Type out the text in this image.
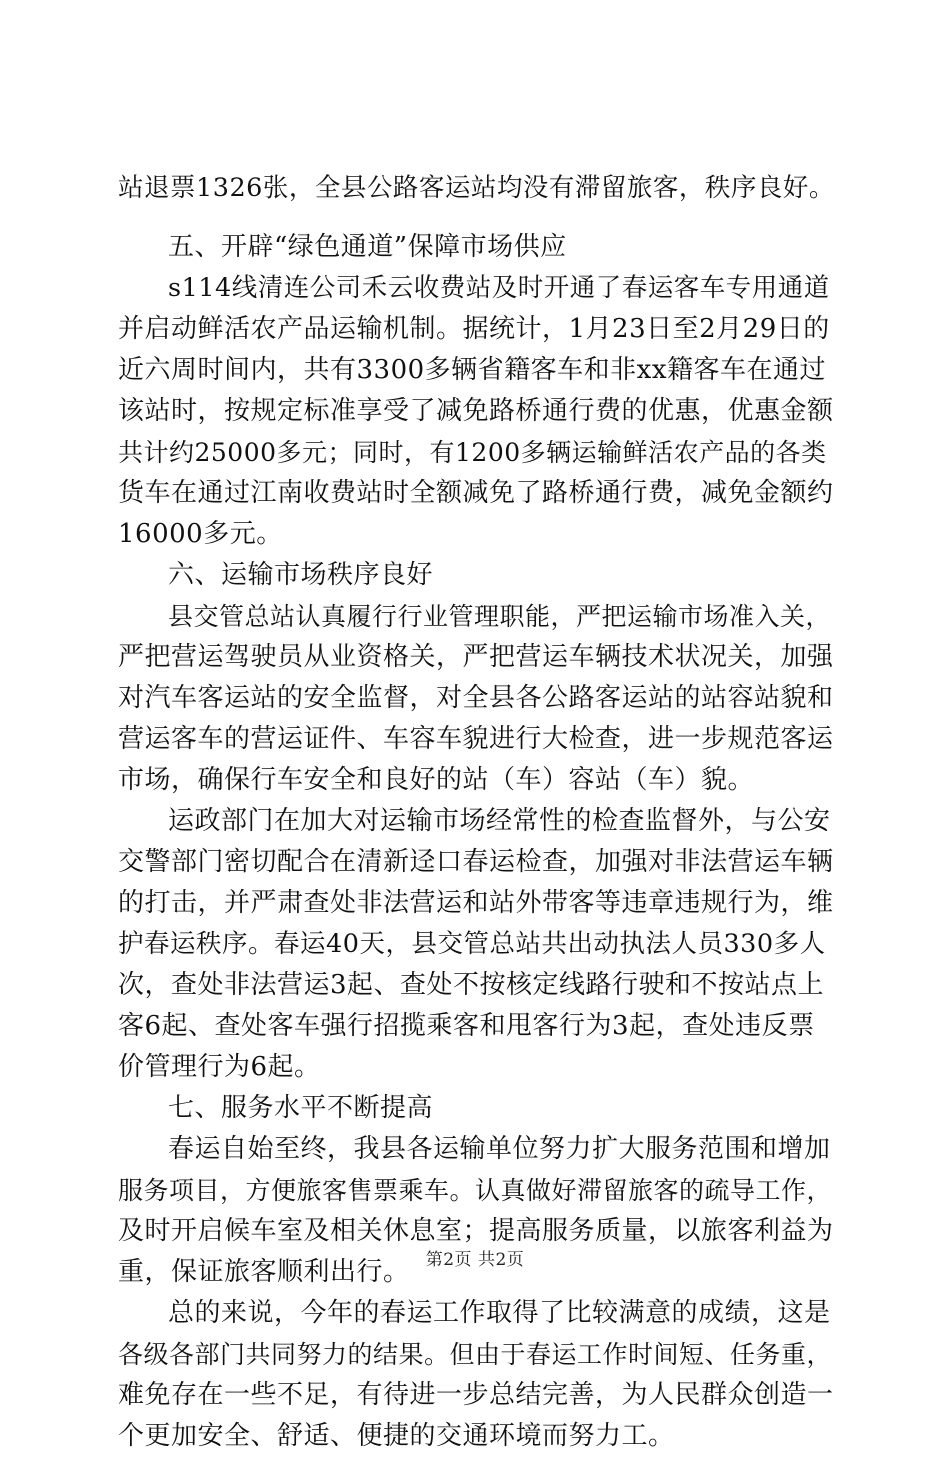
站退票1326张，全县公路客运站均没有滞留旅客，秩序良好。
五、开辟“绿色通道”保障市场供应
s114线清连公司禾云收费站及时开通了春运客车专用通道
并启动鲜活农产品运输机制。据统计，1月23日至2月29日的
近六周时间内，共有3300多辆省籍客车和非xx籍客车在通过
该站时，按规定标准享受了减免路桥通行费的优惠，优惠金额
共计约25000多元；同时，有1200多辆运输鲜活农产品的各类
货车在通过江南收费站时全额减免了路桥通行费，减免金额约
16000多元。
六、运输市场秩序良好
县交管总站认真履行行业管理职能，严把运输市场准入关，
严把营运驾驶员从业资格关，严把营运车辆技术状况关，加强
对汽车客运站的安全监督，对全县各公路客运站的站容站貌和
营运客车的营运证件、车容车貌进行大检查，进一步规范客运
市场，确保行车安全和良好的站（车）容站（车）貌。
运政部门在加大对运输市场经常性的检查监督外，与公安
交警部门密切配合在清新迳口春运检查，加强对非法营运车辆
的打击，并严肃查处非法营运和站外带客等违章违规行为，维
护春运秩序。春运40天，县交管总站共出动执法人员330多人
次，查处非法营运3起、查处不按核定线路行驶和不按站点上
客6起、查处客车强行招揽乘客和甩客行为3起，查处违反票
价管理行为6起。
七、服务水平不断提高
春运自始至终，我县各运输单位努力扩大服务范围和增加
服务项目，方便旅客售票乘车。认真做好滞留旅客的疏导工作，
及时开启候车室及相关休息室；提高服务质量，以旅客利益为
重，保证旅客顺利出行。
总的来说，今年的春运工作取得了比较满意的成绩，这是
各级各部门共同努力的结果。但由于春运工作时间短、任务重，
难免存在一些不足，有待进一步总结完善，为人民群众创造一
个更加安全、舒适、便捷的交通环境而努力工。
第2页 共2页
